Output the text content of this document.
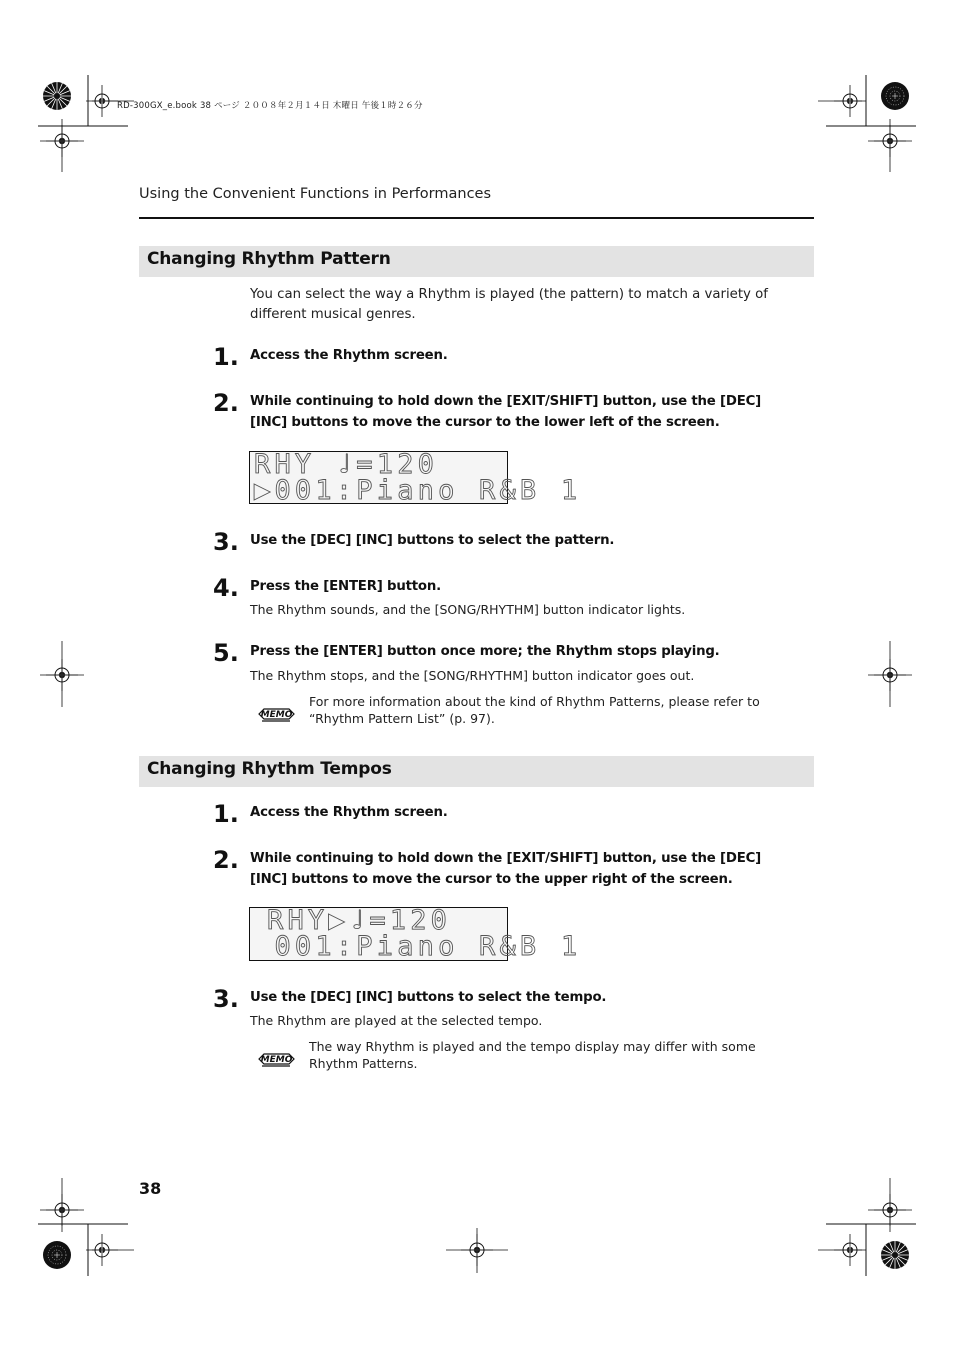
RD-300GX_e.book 38 ページ ２００８年２月１４日 木曜日 午後１時２６分
Using the Convenient Functions in Performances
Changing Rhythm Pattern
You can select the way a Rhythm is played (the pattern) to match a variety of different musical genres.
1. Access the Rhythm screen.
2. While continuing to hold down the [EXIT/SHIFT] button, use the [DEC] [INC] buttons to move the cursor to the lower left of the screen.
RHY ♩=120
▶001:Piano R&B 1
3. Use the [DEC] [INC] buttons to select the pattern.
4. Press the [ENTER] button.
The Rhythm sounds, and the [SONG/RHYTHM] button indicator lights.
5. Press the [ENTER] button once more; the Rhythm stops playing.
The Rhythm stops, and the [SONG/RHYTHM] button indicator goes out.
MEMO
For more information about the kind of Rhythm Patterns, please refer to “Rhythm Pattern List” (p. 97).
Changing Rhythm Tempos
1. Access the Rhythm screen.
2. While continuing to hold down the [EXIT/SHIFT] button, use the [DEC] [INC] buttons to move the cursor to the upper right of the screen.
RHY▶♩=120
001:Piano R&B 1
3. Use the [DEC] [INC] buttons to select the tempo.
The Rhythm are played at the selected tempo.
MEMO
The way Rhythm is played and the tempo display may differ with some Rhythm Patterns.
38
